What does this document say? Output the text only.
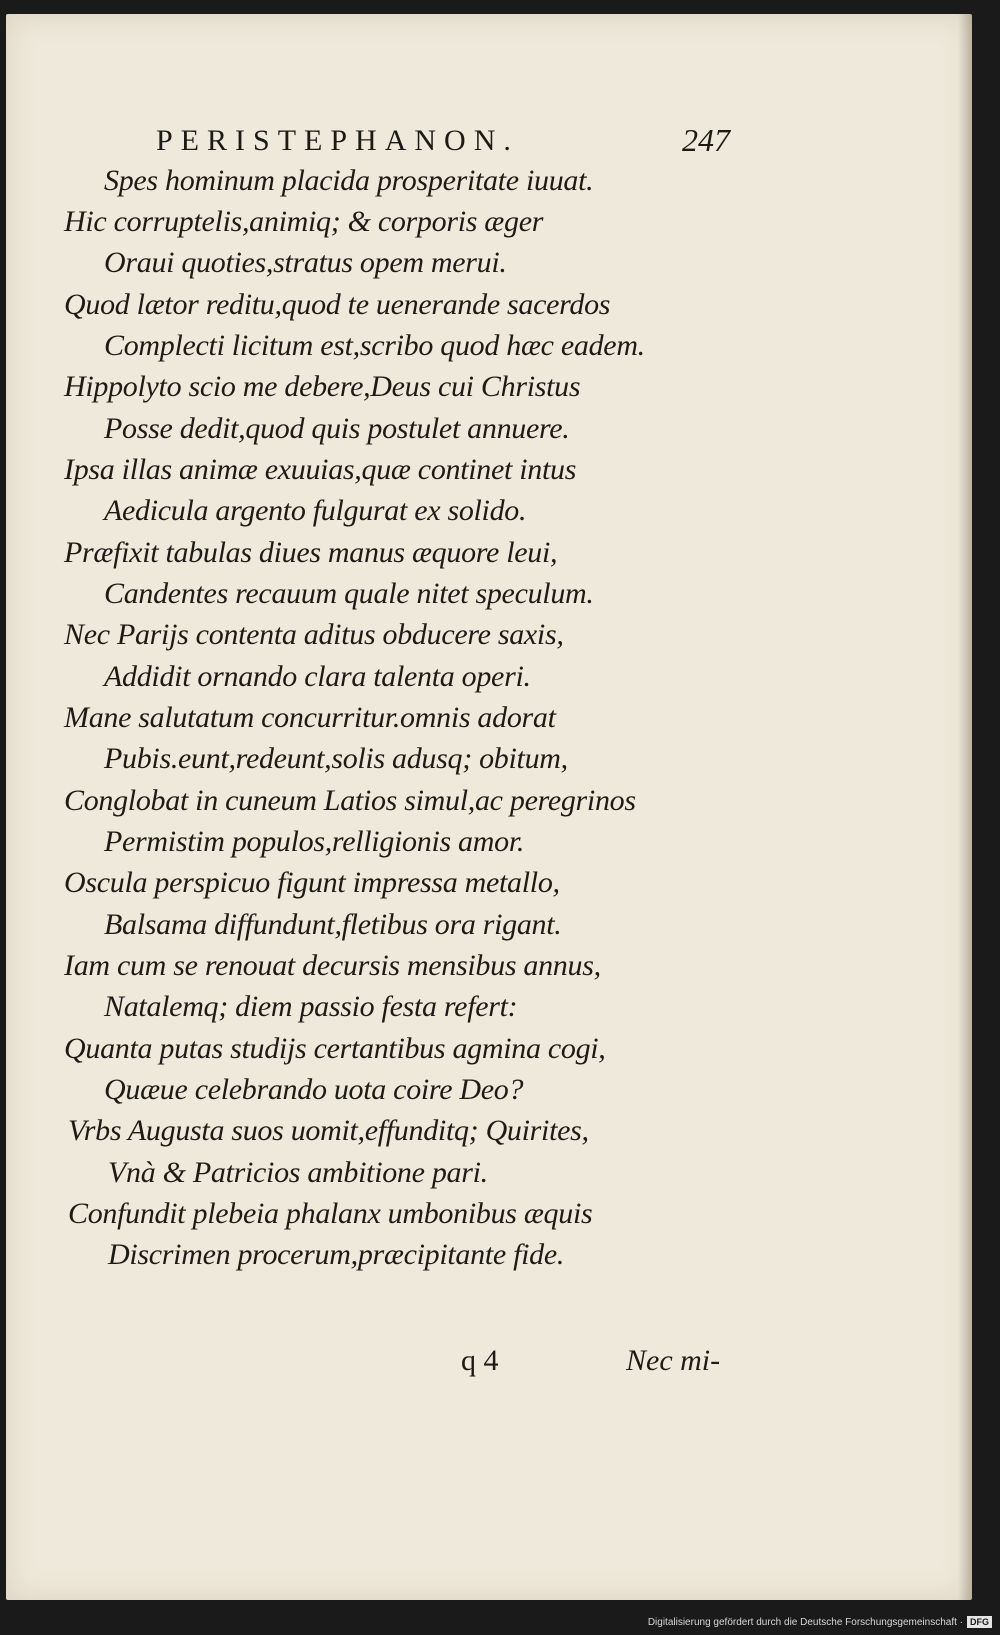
PERISTEPHANON.	247
Spes hominum placida prosperitate iuuat.
Hic corruptelis,animiq; & corporis æger
Oraui quoties,stratus opem merui.
Quod lætor reditu,quod te uenerande sacerdos
Complecti licitum est,scribo quod hæc eadem.
Hippolyto scio me debere,Deus cui Christus
Posse dedit,quod quis postulet annuere.
Ipsa illas animæ exuuias,quæ continet intus
Aedicula argento fulgurat ex solido.
Præfixit tabulas diues manus æquore leui,
Candentes recauum quale nitet speculum.
Nec Parijs contenta aditus obducere saxis,
Addidit ornando clara talenta operi.
Mane salutatum concurritur.omnis adorat
Pubis.eunt,redeunt,solis adusq; obitum,
Conglobat in cuneum Latios simul,ac peregrinos
Permistim populos,relligionis amor.
Oscula perspicuo figunt impressa metallo,
Balsama diffundunt,fletibus ora rigant.
Iam cum se renouat decursis mensibus annus,
Natalemq; diem passio festa refert:
Quanta putas studijs certantibus agmina cogi,
Quæue celebrando uota coire Deo?
Vrbs Augusta suos uomit,effunditq; Quirites,
Vnà & Patricios ambitione pari.
Confundit plebeia phalanx umbonibus æquis
Discrimen procerum,præcipitante fide.
q 4	Nec mi-
Digitalisierung gefördert durch die Deutsche Forschungsgemeinschaft · DFG
